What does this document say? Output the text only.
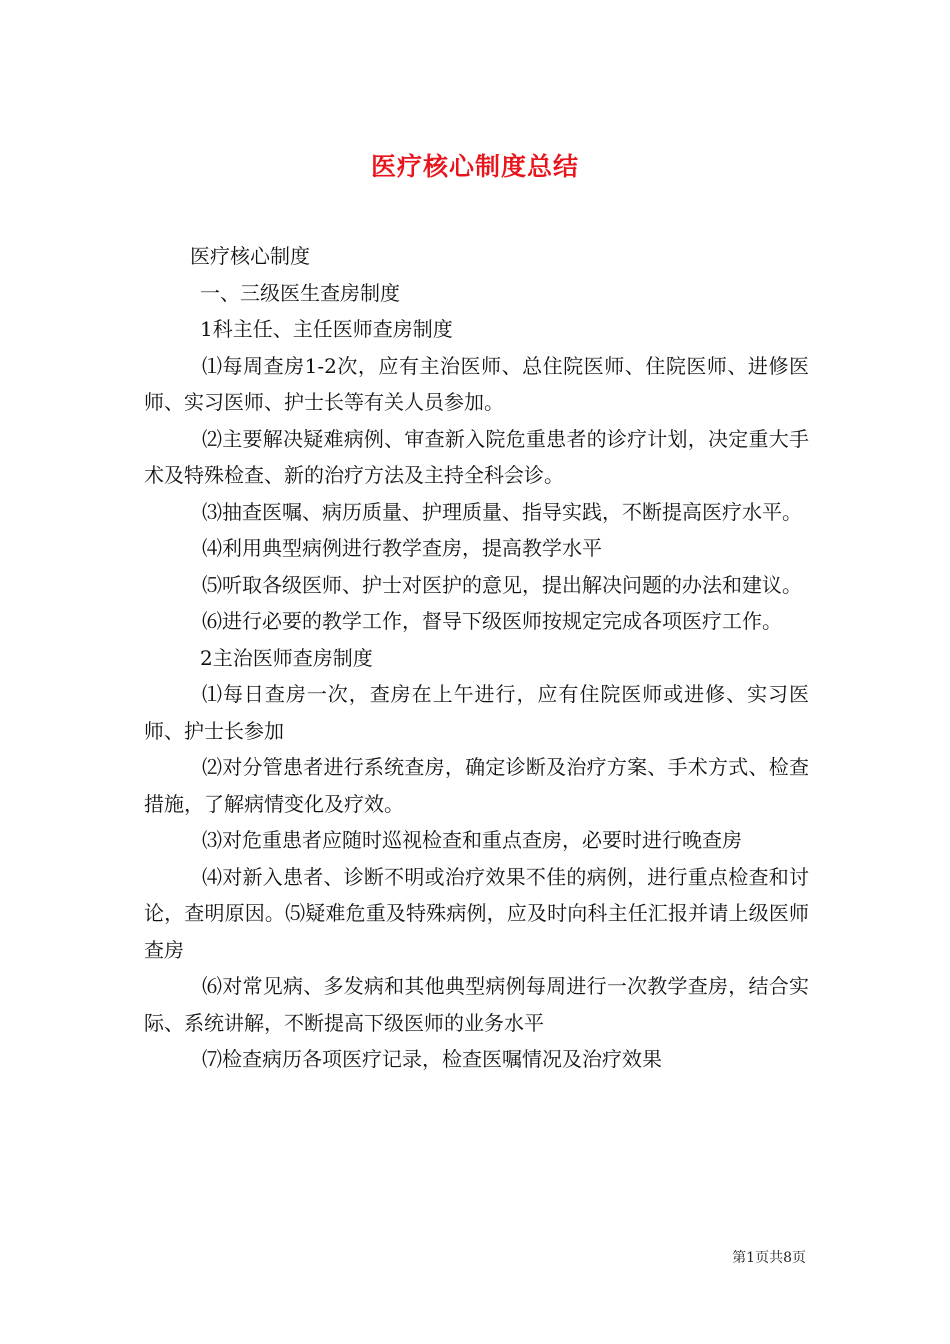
医疗核心制度总结

医疗核心制度

一、三级医生查房制度

1科主任、主任医师查房制度

⑴每周查房1-2次，应有主治医师、总住院医师、住院医师、进修医师、实习医师、护士长等有关人员参加。

⑵主要解决疑难病例、审查新入院危重患者的诊疗计划，决定重大手术及特殊检查、新的治疗方法及主持全科会诊。

⑶抽查医嘱、病历质量、护理质量、指导实践，不断提高医疗水平。

⑷利用典型病例进行教学查房，提高教学水平

⑸听取各级医师、护士对医护的意见，提出解决问题的办法和建议。

⑹进行必要的教学工作，督导下级医师按规定完成各项医疗工作。

2主治医师查房制度

⑴每日查房一次，查房在上午进行，应有住院医师或进修、实习医师、护士长参加

⑵对分管患者进行系统查房，确定诊断及治疗方案、手术方式、检查措施，了解病情变化及疗效。

⑶对危重患者应随时巡视检查和重点查房，必要时进行晚查房

⑷对新入患者、诊断不明或治疗效果不佳的病例，进行重点检查和讨论，查明原因。⑸疑难危重及特殊病例，应及时向科主任汇报并请上级医师查房

⑹对常见病、多发病和其他典型病例每周进行一次教学查房，结合实际、系统讲解，不断提高下级医师的业务水平

⑺检查病历各项医疗记录，检查医嘱情况及治疗效果

第1页共8页
